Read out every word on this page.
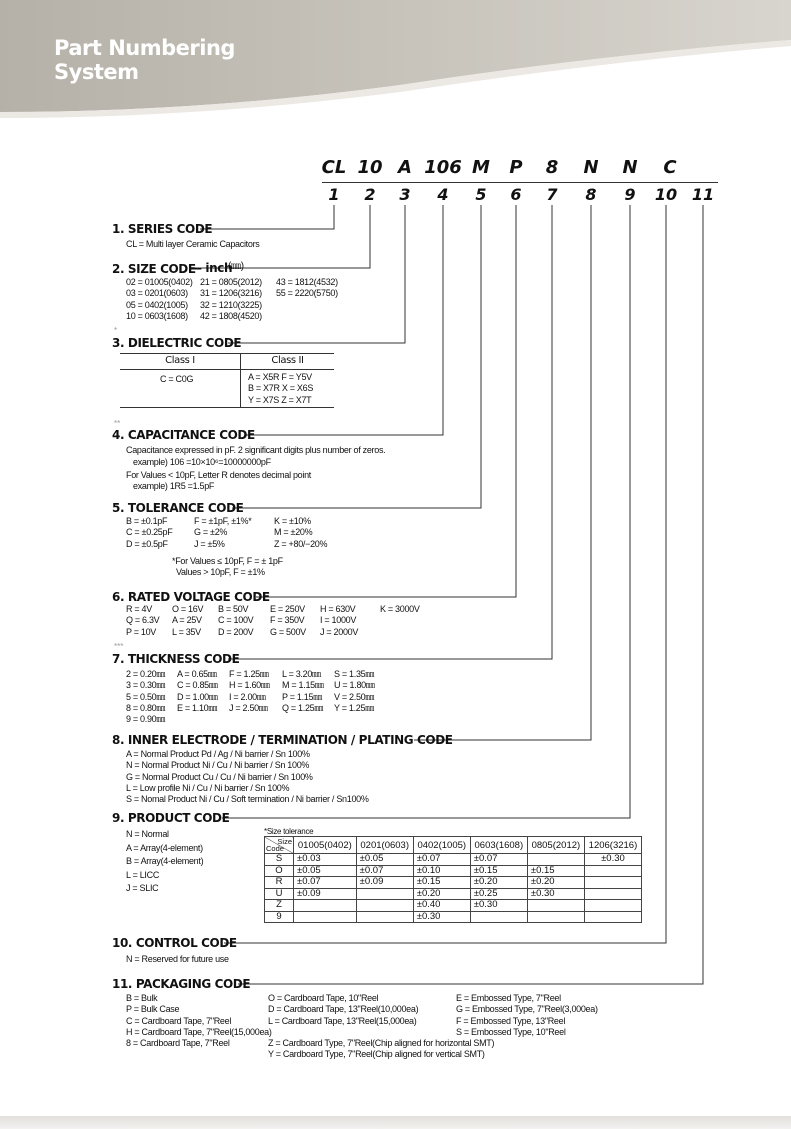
Part Numbering
System
CL 10 A 106 M	P	8	N	N	C
1	2	3	4	5	6	7	8	9	10 11
1. SERIES CODE
CL = Multi layer Ceramic Capacitors
2. SIZE CODE
— inch
(㎜)
02 = 01005(0402)
03 = 0201(0603)
05 = 0402(1005)
10 = 0603(1608)
21 = 0805(2012)
31 = 1206(3216)
32 = 1210(3225)
42 = 1808(4520)
43 = 1812(4532)
55 = 2220(5750)
*
3. DIELECTRIC CODE
Class I	Class II
C = C0G	A = X5R F = Y5V
B = X7R X = X6S
Y = X7S Z = X7T
**
4. CAPACITANCE CODE
Capacitance expressed in pF. 2 significant digits plus number of zeros.
example) 106 =10×10⁶=10000000pF
For Values < 10pF, Letter R denotes decimal point
example) 1R5 =1.5pF
5. TOLERANCE CODE
B = ±0.1pF
C = ±0.25pF
D = ±0.5pF
F = ±1pF, ±1%*
G = ±2%
J = ±5%
K = ±10%
M = ±20%
Z = +80/−20%
*For Values ≤ 10pF, F = ± 1pF
Values > 10pF, F = ±1%
6. RATED VOLTAGE CODE
R = 4V
Q = 6.3V
P = 10V
O = 16V
A = 25V
L = 35V
B = 50V
C = 100V
D = 200V
E = 250V
F = 350V
G = 500V
H = 630V
I = 1000V
J = 2000V
K = 3000V
***
7. THICKNESS CODE
2 = 0.20㎜
3 = 0.30㎜
5 = 0.50㎜
8 = 0.80㎜
9 = 0.90㎜
A = 0.65㎜
C = 0.85㎜
D = 1.00㎜
E = 1.10㎜
F = 1.25㎜
H = 1.60㎜
I = 2.00㎜
J = 2.50㎜
L = 3.20㎜
M = 1.15㎜
P = 1.15㎜
Q = 1.25㎜
S = 1.35㎜
U = 1.80㎜
V = 2.50㎜
Y = 1.25㎜
8. INNER ELECTRODE / TERMINATION / PLATING CODE
A = Normal Product Pd / Ag / Ni barrier / Sn 100%
N = Normal Product Ni / Cu / Ni barrier / Sn 100%
G = Normal Product Cu / Cu / Ni barrier / Sn 100%
L = Low profile Ni / Cu / Ni barrier / Sn 100%
S = Nomal Product Ni / Cu / Soft termination / Ni barrier / Sn100%
9. PRODUCT CODE
N = Normal
A = Array(4-element)
B = Array(4-element)
L = LICC
J = SLIC
*Size tolerance
Size
Code	01005(0402)	0201(0603)	0402(1005)	0603(1608)	0805(2012)	1206(3216)
S	±0.03	±0.05	±0.07	±0.07		±0.30
O	±0.05	±0.07	±0.10	±0.15	±0.15	
R	±0.07	±0.09	±0.15	±0.20	±0.20	
U	±0.09		±0.20	±0.25	±0.30	
Z			±0.40	±0.30		
9			±0.30			
10. CONTROL CODE
N = Reserved for future use
11. PACKAGING CODE
B = Bulk
P = Bulk Case
C = Cardboard Tape, 7"Reel
H = Cardboard Tape, 7"Reel(15,000ea)
8 = Cardboard Tape, 7"Reel
O = Cardboard Tape, 10"Reel
D = Cardboard Tape, 13"Reel(10,000ea)
L = Cardboard Tape, 13"Reel(15,000ea)
E = Embossed Type, 7"Reel
G = Embossed Type, 7"Reel(3,000ea)
F = Embossed Type, 13"Reel
S = Embossed Type, 10"Reel
Z = Cardboard Type, 7"Reel(Chip aligned for horizontal SMT)
Y = Cardboard Type, 7"Reel(Chip aligned for vertical SMT)
